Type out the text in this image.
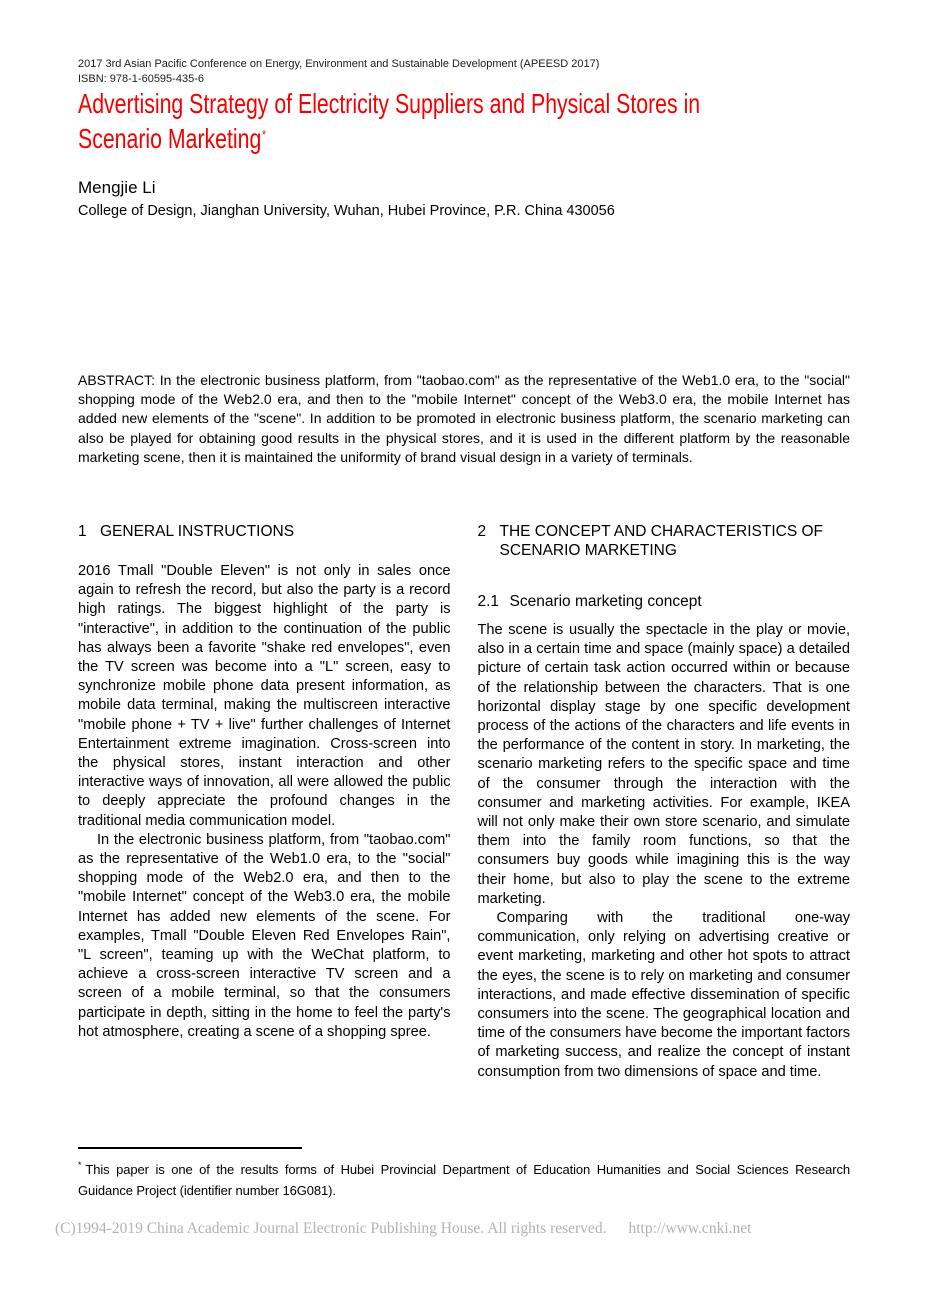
2017 3rd Asian Pacific Conference on Energy, Environment and Sustainable Development (APEESD 2017)
ISBN: 978-1-60595-435-6
Advertising Strategy of Electricity Suppliers and Physical Stores in
Scenario Marketing*
Mengjie Li
College of Design, Jianghan University, Wuhan, Hubei Province, P.R. China 430056
ABSTRACT: In the electronic business platform, from "taobao.com" as the representative of the Web1.0 era, to the "social" shopping mode of the Web2.0 era, and then to the "mobile Internet" concept of the Web3.0 era, the mobile Internet has added new elements of the "scene". In addition to be promoted in electronic business platform, the scenario marketing can also be played for obtaining good results in the physical stores, and it is used in the different platform by the reasonable marketing scene, then it is maintained the uniformity of brand visual design in a variety of terminals.
1 GENERAL INSTRUCTIONS

2016 Tmall "Double Eleven" is not only in sales once again to refresh the record, but also the party is a record high ratings. The biggest highlight of the party is "interactive", in addition to the continuation of the public has always been a favorite "shake red envelopes", even the TV screen was become into a "L" screen, easy to synchronize mobile phone data present information, as mobile data terminal, making the multiscreen interactive "mobile phone + TV + live" further challenges of Internet Entertainment extreme imagination. Cross-screen into the physical stores, instant interaction and other interactive ways of innovation, all were allowed the public to deeply appreciate the profound changes in the traditional media communication model.

In the electronic business platform, from "taobao.com" as the representative of the Web1.0 era, to the "social" shopping mode of the Web2.0 era, and then to the "mobile Internet" concept of the Web3.0 era, the mobile Internet has added new elements of the scene. For examples, Tmall "Double Eleven Red Envelopes Rain", "L screen", teaming up with the WeChat platform, to achieve a cross-screen interactive TV screen and a screen of a mobile terminal, so that the consumers participate in depth, sitting in the home to feel the party's hot atmosphere, creating a scene of a shopping spree.

2 THE CONCEPT AND CHARACTERISTICS OF SCENARIO MARKETING
2.1 Scenario marketing concept

The scene is usually the spectacle in the play or movie, also in a certain time and space (mainly space) a detailed picture of certain task action occurred within or because of the relationship between the characters. That is one horizontal display stage by one specific development process of the actions of the characters and life events in the performance of the content in story. In marketing, the scenario marketing refers to the specific space and time of the consumer through the interaction with the consumer and marketing activities. For example, IKEA will not only make their own store scenario, and simulate them into the family room functions, so that the consumers buy goods while imagining this is the way their home, but also to play the scene to the extreme marketing.

Comparing with the traditional one-way communication, only relying on advertising creative or event marketing, marketing and other hot spots to attract the eyes, the scene is to rely on marketing and consumer interactions, and made effective dissemination of specific consumers into the scene. The geographical location and time of the consumers have become the important factors of marketing success, and realize the concept of instant consumption from two dimensions of space and time.

* This paper is one of the results forms of Hubei Provincial Department of Education Humanities and Social Sciences Research Guidance Project (identifier number 16G081).
(C)1994-2019 China Academic Journal Electronic Publishing House. All rights reserved. http://www.cnki.net
